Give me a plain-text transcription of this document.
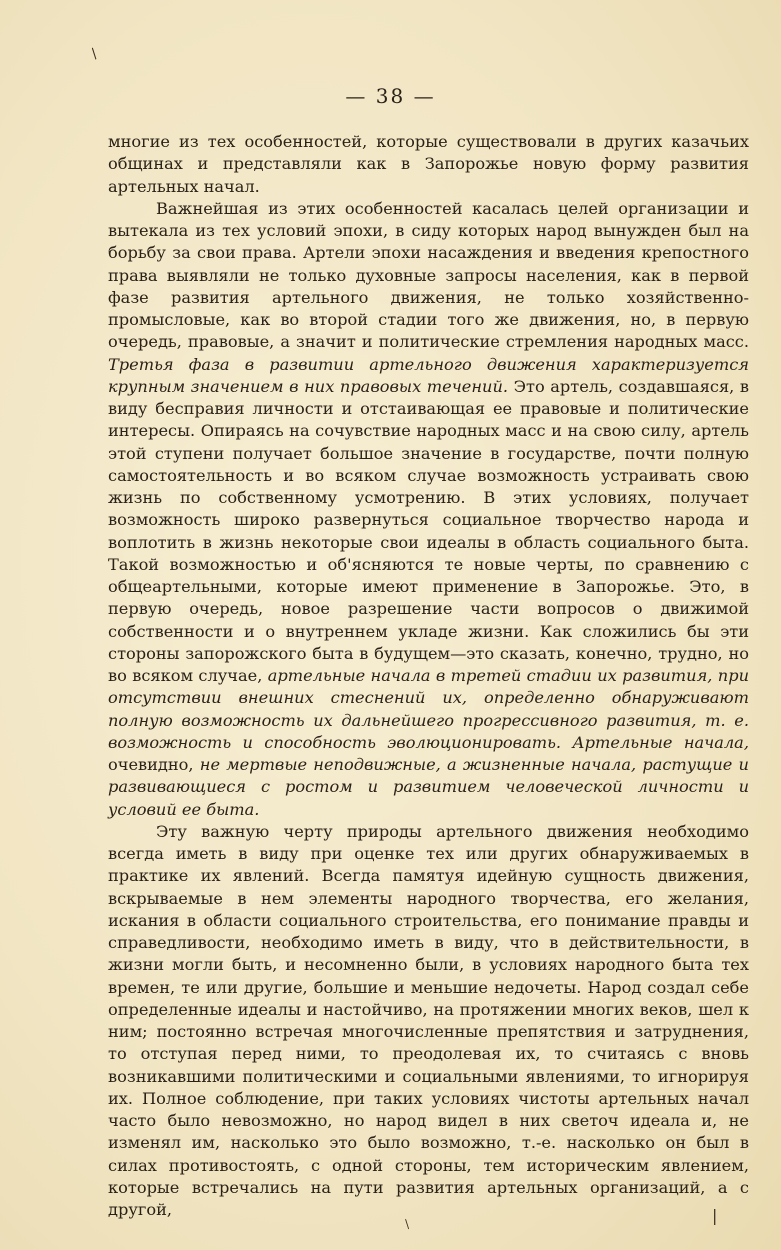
/
— 38 —

многие из тех особенностей, которые существовали в других казачьих общинах и представляли как в Запорожье новую форму развития артельных начал.

Важнейшая из этих особенностей касалась целей организации и вытекала из тех условий эпохи, в сиду которых народ вынужден был на борьбу за свои права. Артели эпохи насаждения и введения крепостного права выявляли не только духовные запросы населения, как в первой фазе развития артельного движения, не только хозяйственно-промысловые, как во второй стадии того же движения, но, в первую очередь, правовые, а значит и политические стремления народных масс. Третья фаза в развитии артельного движения характеризуется крупным значением в них правовых течений. Это артель, создавшаяся, в виду бесправия личности и отстаивающая ее правовые и политические интересы. Опираясь на сочувствие народных масс и на свою силу, артель этой ступени получает большое значение в государстве, почти полную самостоятельность и во всяком случае возможность устраивать свою жизнь по собственному усмотрению. В этих условиях, получает возможность широко развернуться социальное творчество народа и воплотить в жизнь некоторые свои идеалы в область социального быта. Такой возможностью и об'ясняются те новые черты, по сравнению с общеартельными, которые имеют применение в Запорожье. Это, в первую очередь, новое разрешение части вопросов о движимой собственности и о внутреннем укладе жизни. Как сложились бы эти стороны запорожского быта в будущем—это сказать, конечно, трудно, но во всяком случае, артельные начала в третей стадии их развития, при отсутствии внешних стеснений их, определенно обнаруживают полную возможность их дальнейшего прогрессивного развития, т. е. возможность и способность эволюционировать. Артельные начала, очевидно, не мертвые неподвижные, а жизненные начала, растущие и развивающиеся с ростом и развитием человеческой личности и условий ее быта.

Эту важную черту природы артельного движения необходимо всегда иметь в виду при оценке тех или других обнаруживаемых в практике их явлений. Всегда памятуя идейную сущность движения, вскрываемые в нем элементы народного творчества, его желания, искания в области социального строительства, его понимание правды и справедливости, необходимо иметь в виду, что в действительности, в жизни могли быть, и несомненно были, в условиях народного быта тех времен, те или другие, большие и меньшие недочеты. Народ создал себе определенные идеалы и настойчиво, на протяжении многих веков, шел к ним; постоянно встречая многочисленные препятствия и затруднения, то отступая перед ними, то преодолевая их, то считаясь с вновь возникавшими политическими и социальными явлениями, то игнорируя их. Полное соблюдение, при таких условиях чистоты артельных начал часто было невозможно, но народ видел в них светоч идеала и, не изменял им, насколько это было возможно, т.-е. насколько он был в силах противостоять, с одной стороны, тем историческим явлением, которые встречались на пути развития артельных организаций, а с другой,

/	|
